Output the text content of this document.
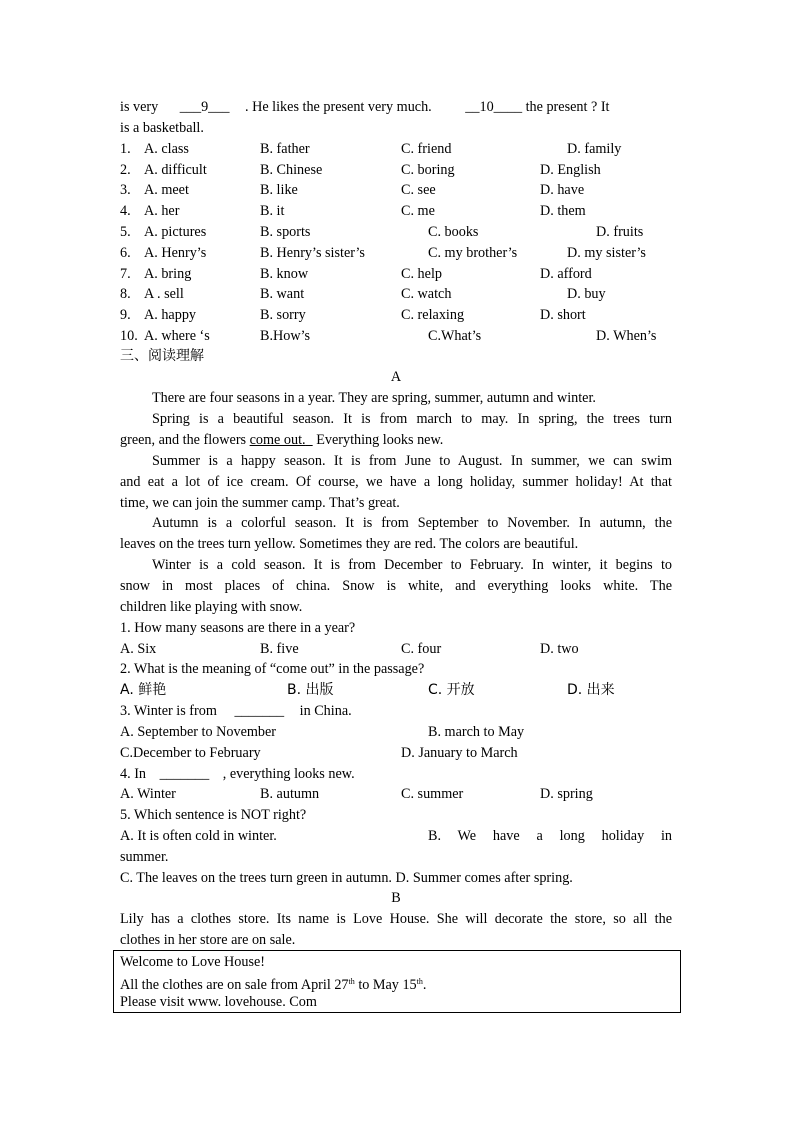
is very ___9___ . He likes the present very much. __10____ the present ? It
is a basketball.
1. A. class	B. father	C. friend	D. family
2. A. difficult	B. Chinese	C. boring	D. English
3. A. meet	B. like	C. see	D. have
4. A. her	B. it	C. me	D. them
5. A. pictures	B. sports	C. books	D. fruits
6. A. Henry’s	B. Henry’s sister’s	C. my brother’s	D. my sister’s
7. A. bring	B. know	C. help	D. afford
8. A . sell	B. want	C. watch	D. buy
9. A. happy	B. sorry	C. relaxing	D. short
10. A. where ‘s	B.How’s	C.What’s	D. When’s
三、阅读理解
A
There are four seasons in a year. They are spring, summer, autumn and winter.
Spring is a beautiful season. It is from march to may. In spring, the trees turn
green, and the flowers come out. Everything looks new.
Summer is a happy season. It is from June to August. In summer, we can swim
and eat a lot of ice cream. Of course, we have a long holiday, summer holiday! At that
time, we can join the summer camp. That’s great.
Autumn is a colorful season. It is from September to November. In autumn, the
leaves on the trees turn yellow. Sometimes they are red. The colors are beautiful.
Winter is a cold season. It is from December to February. In winter, it begins to
snow in most places of china. Snow is white, and everything looks white. The
children like playing with snow.
1. How many seasons are there in a year?
A. Six	B. five	C. four	D. two
2. What is the meaning of “come out” in the passage?
A. 鲜艳	B. 出版	C. 开放	D. 出来
3. Winter is from _______ in China.
A. September to November	B. march to May
C.December to February	D. January to March
4. In _______ , everything looks new.
A. Winter	B. autumn	C. summer	D. spring
5. Which sentence is NOT right?
A. It is often cold in winter.	B. We have a long holiday in
summer.
C. The leaves on the trees turn green in autumn. D. Summer comes after spring.
B
Lily has a clothes store. Its name is Love House. She will decorate the store, so all the
clothes in her store are on sale.
Welcome to Love House!
All the clothes are on sale from April 27th to May 15th.
Please visit www. lovehouse. Com
